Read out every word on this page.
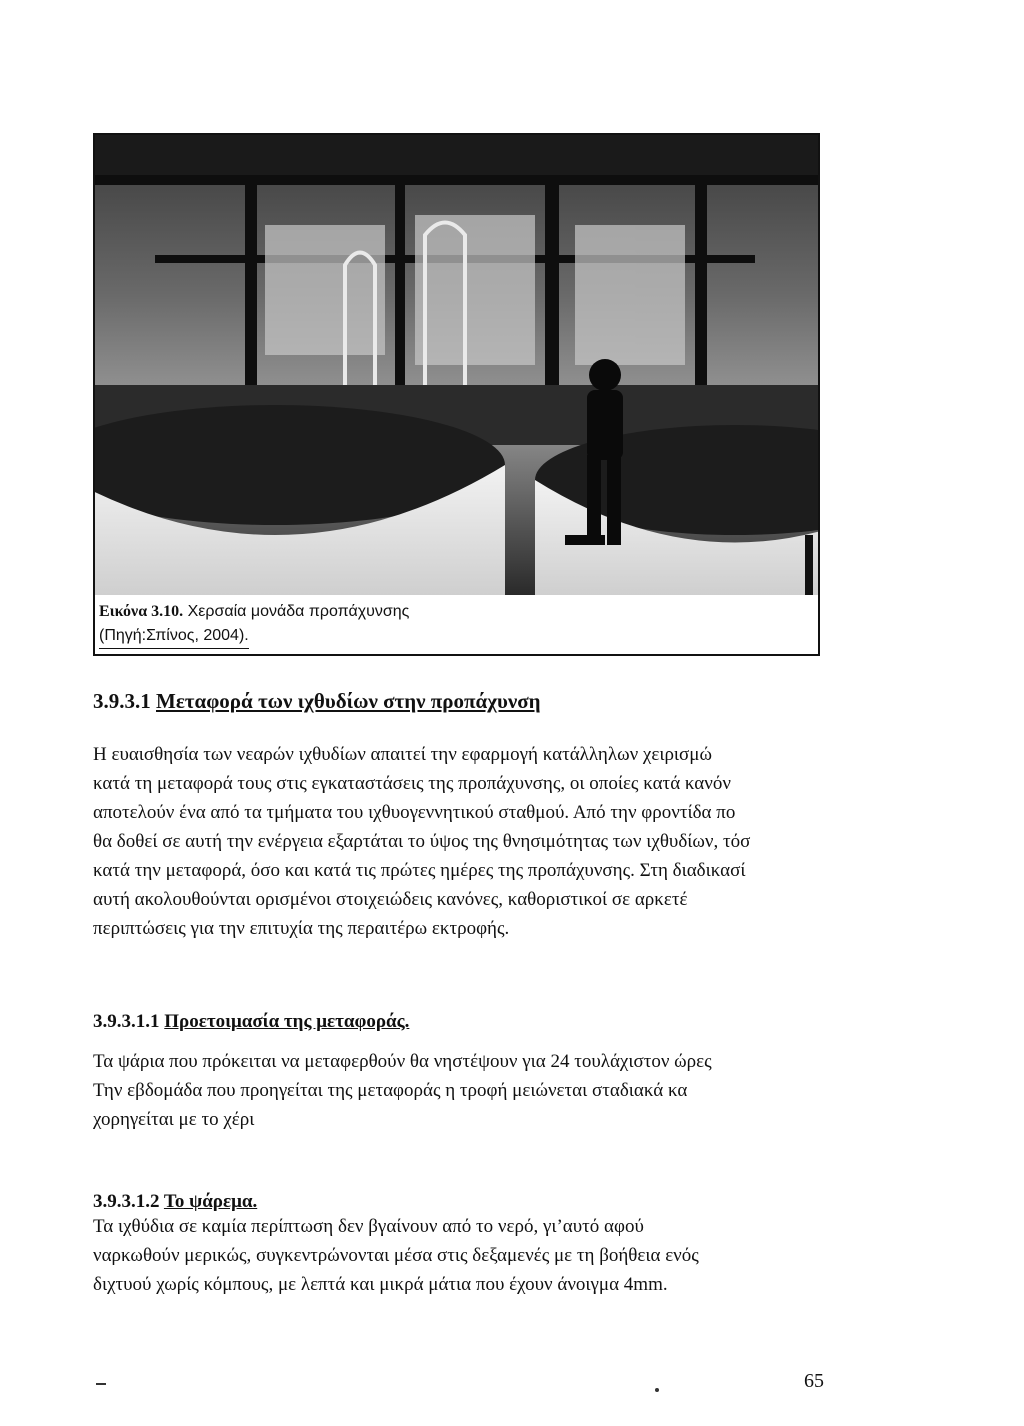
Εικόνα 3.10. Χερσαία μονάδα προπάχυνσης
(Πηγή:Σπίνος, 2004).
3.9.3.1 Μεταφορά των ιχθυδίων στην προπάχυνση
Η ευαισθησία των νεαρών ιχθυδίων απαιτεί την εφαρμογή κατάλληλων χειρισμώ
κατά τη μεταφορά τους στις εγκαταστάσεις της προπάχυνσης, οι οποίες κατά κανόν
αποτελούν ένα από τα τμήματα του ιχθυογεννητικού σταθμού. Από την φροντίδα πο
θα δοθεί σε αυτή την ενέργεια εξαρτάται το ύψος της θνησιμότητας των ιχθυδίων, τόσ
κατά την μεταφορά, όσο και κατά τις πρώτες ημέρες της προπάχυνσης. Στη διαδικασί
αυτή ακολουθούνται ορισμένοι στοιχειώδεις κανόνες, καθοριστικοί σε αρκετέ
περιπτώσεις για την επιτυχία της περαιτέρω εκτροφής.
3.9.3.1.1 Προετοιμασία της μεταφοράς.
Τα ψάρια που πρόκειται να μεταφερθούν θα νηστέψουν για 24 τουλάχιστον ώρες
Την εβδομάδα που προηγείται της μεταφοράς η τροφή μειώνεται σταδιακά κα
χορηγείται με το χέρι
3.9.3.1.2 Το ψάρεμα.
Τα ιχθύδια σε καμία περίπτωση δεν βγαίνουν από το νερό, γι’αυτό αφού
ναρκωθούν μερικώς, συγκεντρώνονται μέσα στις δεξαμενές με τη βοήθεια ενός
διχτυού χωρίς κόμπους, με λεπτά και μικρά μάτια που έχουν άνοιγμα 4mm.
65
